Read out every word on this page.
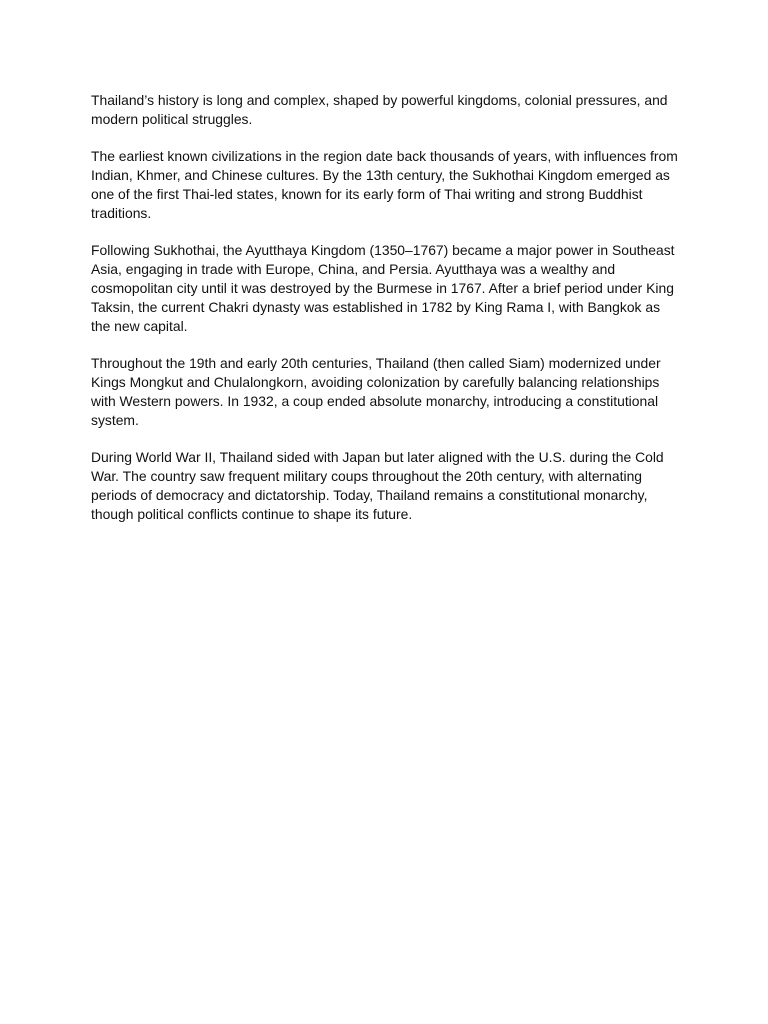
Thailand’s history is long and complex, shaped by powerful kingdoms, colonial pressures, and modern political struggles.

The earliest known civilizations in the region date back thousands of years, with influences from Indian, Khmer, and Chinese cultures. By the 13th century, the Sukhothai Kingdom emerged as one of the first Thai-led states, known for its early form of Thai writing and strong Buddhist traditions.

Following Sukhothai, the Ayutthaya Kingdom (1350–1767) became a major power in Southeast Asia, engaging in trade with Europe, China, and Persia. Ayutthaya was a wealthy and cosmopolitan city until it was destroyed by the Burmese in 1767. After a brief period under King Taksin, the current Chakri dynasty was established in 1782 by King Rama I, with Bangkok as the new capital.

Throughout the 19th and early 20th centuries, Thailand (then called Siam) modernized under Kings Mongkut and Chulalongkorn, avoiding colonization by carefully balancing relationships with Western powers. In 1932, a coup ended absolute monarchy, introducing a constitutional system.

During World War II, Thailand sided with Japan but later aligned with the U.S. during the Cold War. The country saw frequent military coups throughout the 20th century, with alternating periods of democracy and dictatorship. Today, Thailand remains a constitutional monarchy, though political conflicts continue to shape its future.
